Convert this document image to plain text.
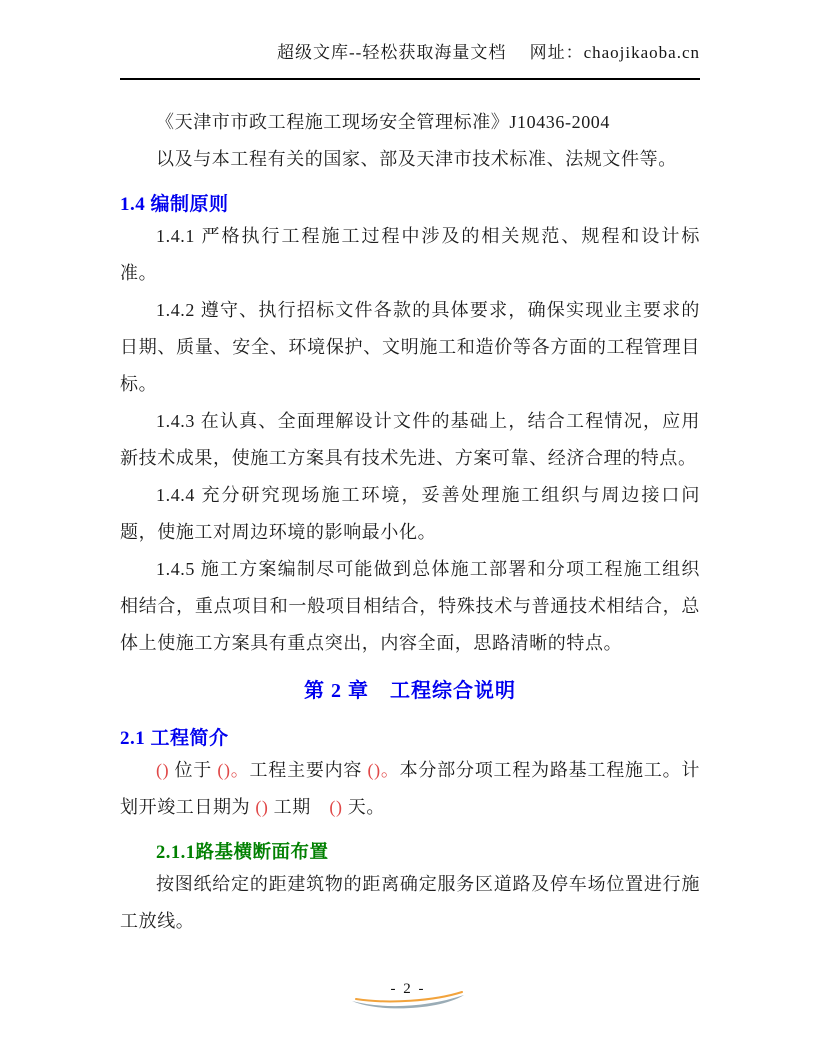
超级文库--轻松获取海量文档　 网址：chaojikaoba.cn

《天津市市政工程施工现场安全管理标准》J10436-2004

以及与本工程有关的国家、部及天津市技术标准、法规文件等。

1.4 编制原则

1.4.1 严格执行工程施工过程中涉及的相关规范、规程和设计标准。

1.4.2 遵守、执行招标文件各款的具体要求，确保实现业主要求的日期、质量、安全、环境保护、文明施工和造价等各方面的工程管理目标。

1.4.3 在认真、全面理解设计文件的基础上，结合工程情况，应用新技术成果，使施工方案具有技术先进、方案可靠、经济合理的特点。

1.4.4 充分研究现场施工环境，妥善处理施工组织与周边接口问题，使施工对周边环境的影响最小化。

1.4.5 施工方案编制尽可能做到总体施工部署和分项工程施工组织相结合，重点项目和一般项目相结合，特殊技术与普通技术相结合，总体上使施工方案具有重点突出，内容全面，思路清晰的特点。

第 2 章　工程综合说明
2.1 工程简介

() 位于 ()。工程主要内容 ()。本分部分项工程为路基工程施工。计划开竣工日期为 () 工期　() 天。

2.1.1路基横断面布置

按图纸给定的距建筑物的距离确定服务区道路及停车场位置进行施工放线。

- 2 -
